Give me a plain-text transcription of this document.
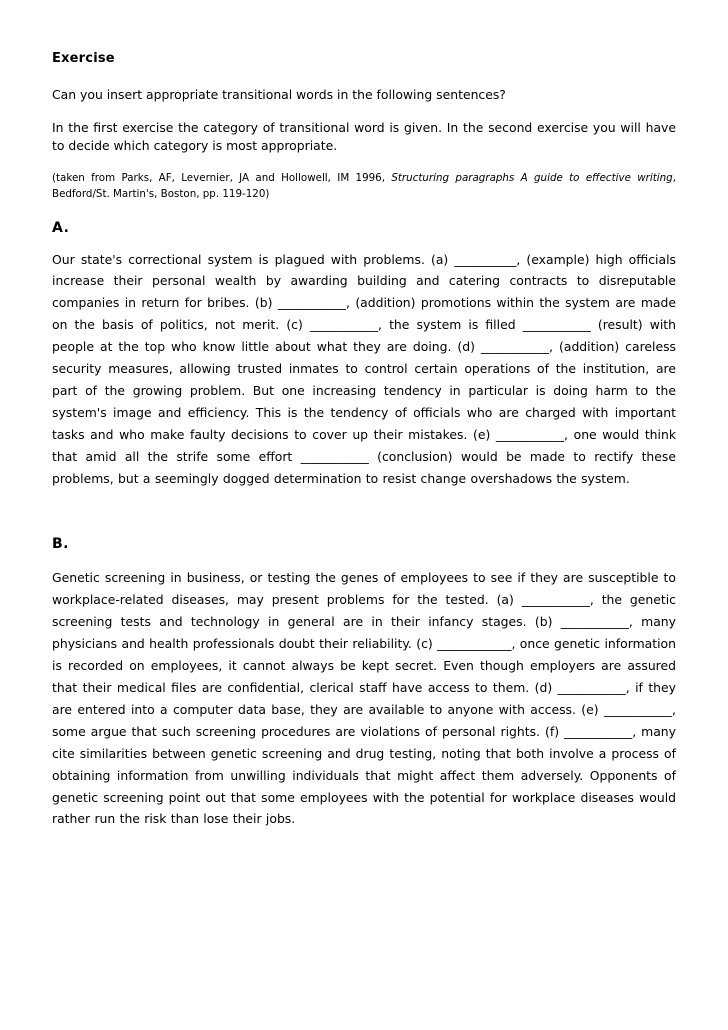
Exercise

Can you insert appropriate transitional words in the following sentences?

In the first exercise the category of transitional word is given. In the second exercise you will have to decide which category is most appropriate.

(taken from Parks, AF, Levernier, JA and Hollowell, IM 1996, Structuring paragraphs A guide to effective writing, Bedford/St. Martin's, Boston, pp. 119-120)

A.

Our state's correctional system is plagued with problems. (a) __________, (example) high officials increase their personal wealth by awarding building and catering contracts to disreputable companies in return for bribes. (b) ___________, (addition) promotions within the system are made on the basis of politics, not merit. (c) ___________, the system is filled ___________ (result) with people at the top who know little about what they are doing. (d) ___________, (addition) careless security measures, allowing trusted inmates to control certain operations of the institution, are part of the growing problem. But one increasing tendency in particular is doing harm to the system's image and efficiency. This is the tendency of officials who are charged with important tasks and who make faulty decisions to cover up their mistakes. (e) ___________, one would think that amid all the strife some effort ___________ (conclusion) would be made to rectify these problems, but a seemingly dogged determination to resist change overshadows the system.

B.

Genetic screening in business, or testing the genes of employees to see if they are susceptible to workplace-related diseases, may present problems for the tested. (a) ___________, the genetic screening tests and technology in general are in their infancy stages. (b) ___________, many physicians and health professionals doubt their reliability. (c) ____________, once genetic information is recorded on employees, it cannot always be kept secret. Even though employers are assured that their medical files are confidential, clerical staff have access to them. (d) ___________, if they are entered into a computer data base, they are available to anyone with access. (e) ___________, some argue that such screening procedures are violations of personal rights. (f) ___________, many cite similarities between genetic screening and drug testing, noting that both involve a process of obtaining information from unwilling individuals that might affect them adversely. Opponents of genetic screening point out that some employees with the potential for workplace diseases would rather run the risk than lose their jobs.
